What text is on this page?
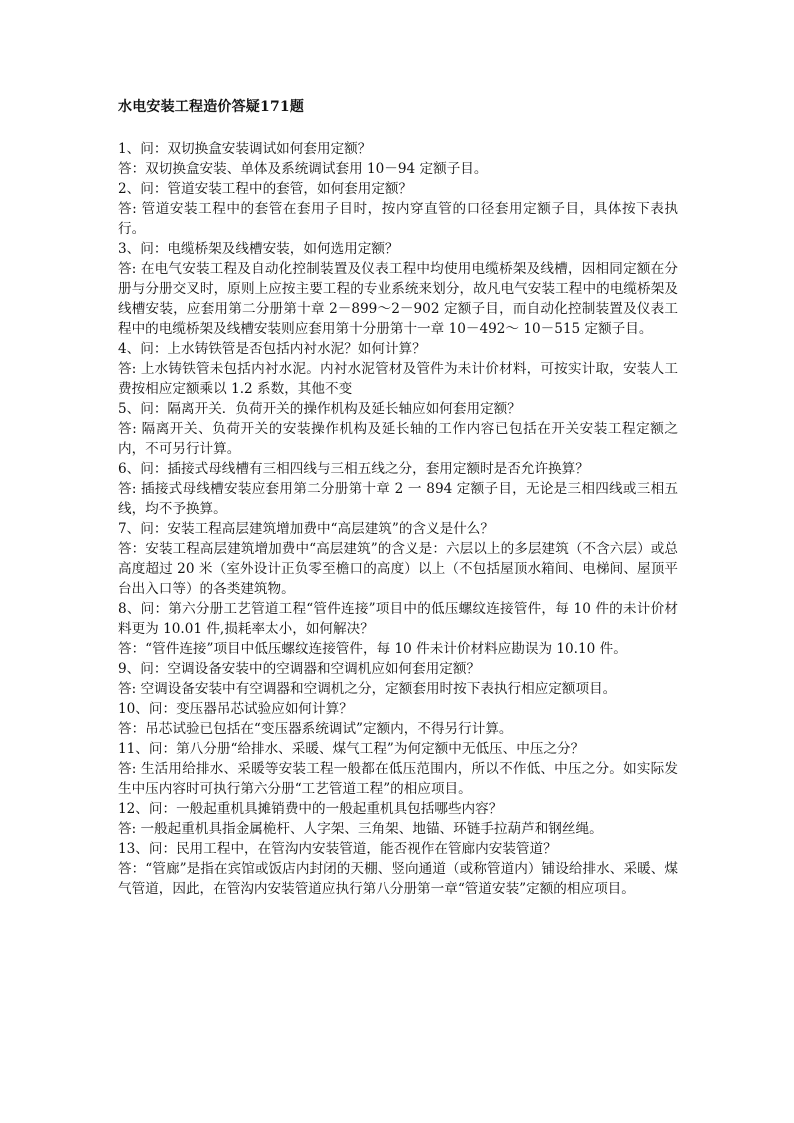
水电安装工程造价答疑171题

1、问：双切换盒安装调试如何套用定额？

答：双切换盒安装、单体及系统调试套用 10－94 定额子目。

2、问：管道安装工程中的套管，如何套用定额？

答: 管道安装工程中的套管在套用子目时，按内穿直管的口径套用定额子目，具体按下表执行。

3、问：电缆桥架及线槽安装，如何选用定额？

答: 在电气安装工程及自动化控制装置及仪表工程中均使用电缆桥架及线槽，因相同定额在分册与分册交叉时，原则上应按主要工程的专业系统来划分，故凡电气安装工程中的电缆桥架及线槽安装，应套用第二分册第十章 2－899～2－902 定额子目，而自动化控制装置及仪表工程中的电缆桥架及线槽安装则应套用第十分册第十一章 10－492～ 10－515 定额子目。

4、问：上水铸铁管是否包括内衬水泥？如何计算？

答: 上水铸铁管未包括内衬水泥。内衬水泥管材及管件为未计价材料，可按实计取，安装人工费按相应定额乘以 1.2 系数，其他不变

5、问：隔离开关．负荷开关的操作机构及延长轴应如何套用定额？

答: 隔离开关、负荷开关的安装操作机构及延长轴的工作内容已包括在开关安装工程定额之内，不可另行计算。

6、问：插接式母线槽有三相四线与三相五线之分，套用定额时是否允许换算？

答: 插接式母线槽安装应套用第二分册第十章 2 一 894 定额子目，无论是三相四线或三相五线，均不予换算。

7、问：安装工程高层建筑增加费中“高层建筑”的含义是什么？

答：安装工程高层建筑增加费中“高层建筑”的含义是：六层以上的多层建筑（不含六层）或总高度超过 20 米（室外设计正负零至檐口的高度）以上（不包括屋顶水箱间、电梯间、屋顶平台出入口等）的各类建筑物。

8、问：第六分册工艺管道工程“管件连接”项目中的低压螺纹连接管件，每 10 件的未计价材料更为 10.01 件,损耗率太小，如何解决？

答：“管件连接”项目中低压螺纹连接管件，每 10 件未计价材料应勘误为 10.10 件。

9、问：空调设备安装中的空调器和空调机应如何套用定额？

答: 空调设备安装中有空调器和空调机之分，定额套用时按下表执行相应定额项目。

10、问：变压器吊芯试验应如何计算？

答：吊芯试验已包括在“变压器系统调试”定额内，不得另行计算。

11、问：第八分册“给排水、采暖、煤气工程”为何定额中无低压、中压之分？

答: 生活用给排水、采暖等安装工程一般都在低压范围内，所以不作低、中压之分。如实际发生中压内容时可执行第六分册“工艺管道工程”的相应项目。

12、问：一般起重机具摊销费中的一般起重机具包括哪些内容？

答: 一般起重机具指金属桅杆、人字架、三角架、地锚、环链手拉葫芦和钢丝绳。

13、问：民用工程中，在管沟内安装管道，能否视作在管廊内安装管道？

答：“管廊”是指在宾馆或饭店内封闭的天棚、竖向通道（或称管道内）铺设给排水、采暖、煤气管道，因此，在管沟内安装管道应执行第八分册第一章“管道安装”定额的相应项目。
